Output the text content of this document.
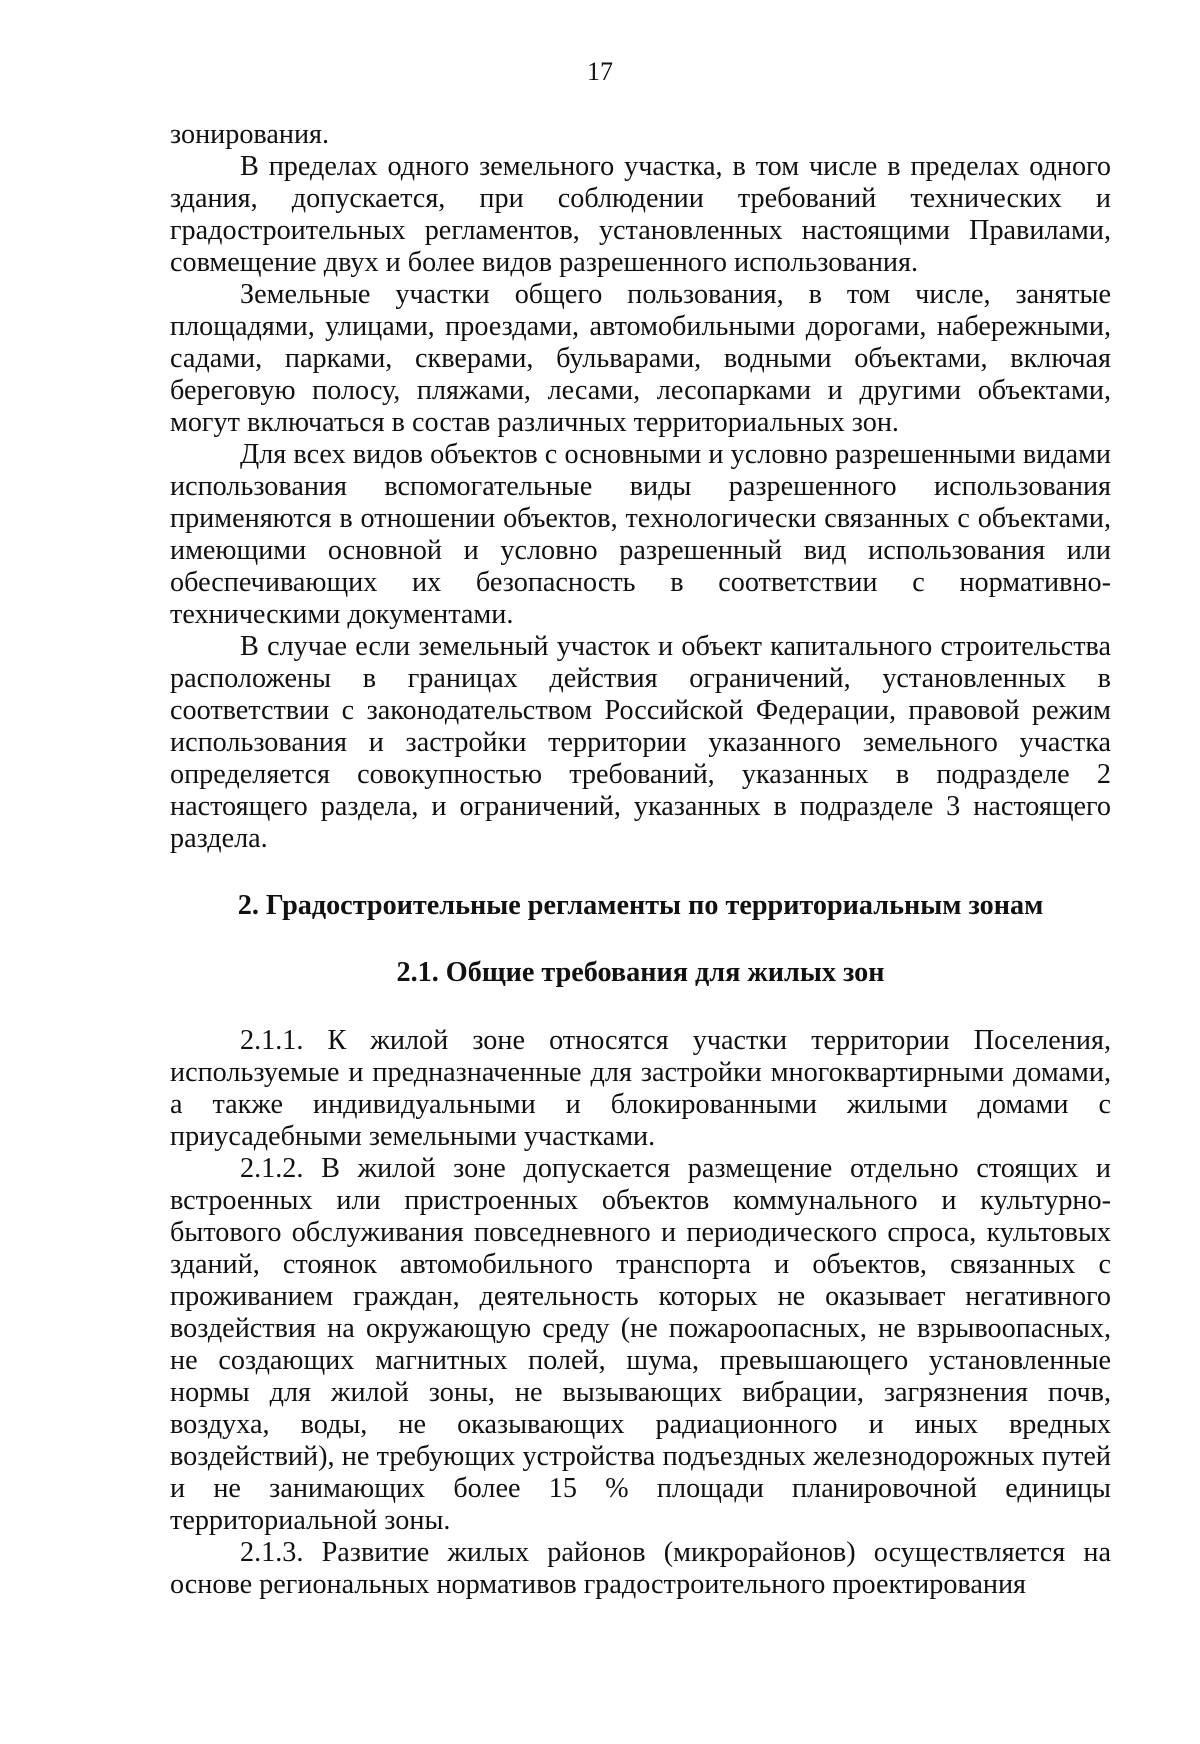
17

зонирования.

В пределах одного земельного участка, в том числе в пределах одного здания, допускается, при соблюдении требований технических и градостроительных регламентов, установленных настоящими Правилами, совмещение двух и более видов разрешенного использования.

Земельные участки общего пользования, в том числе, занятые площадями, улицами, проездами, автомобильными дорогами, набережными, садами, парками, скверами, бульварами, водными объектами, включая береговую полосу, пляжами, лесами, лесопарками и другими объектами, могут включаться в состав различных территориальных зон.

Для всех видов объектов с основными и условно разрешенными видами использования вспомогательные виды разрешенного использования применяются в отношении объектов, технологически связанных с объектами, имеющими основной и условно разрешенный вид использования или обеспечивающих их безопасность в соответствии с нормативно-техническими документами.

В случае если земельный участок и объект капитального строительства расположены в границах действия ограничений, установленных в соответствии с законодательством Российской Федерации, правовой режим использования и застройки территории указанного земельного участка определяется совокупностью требований, указанных в подразделе 2 настоящего раздела, и ограничений, указанных в подразделе 3 настоящего раздела.

2. Градостроительные регламенты по территориальным зонам
2.1. Общие требования для жилых зон

2.1.1. К жилой зоне относятся участки территории Поселения, используемые и предназначенные для застройки многоквартирными домами, а также индивидуальными и блокированными жилыми домами с приусадебными земельными участками.

2.1.2. В жилой зоне допускается размещение отдельно стоящих и встроенных или пристроенных объектов коммунального и культурно-бытового обслуживания повседневного и периодического спроса, культовых зданий, стоянок автомобильного транспорта и объектов, связанных с проживанием граждан, деятельность которых не оказывает негативного воздействия на окружающую среду (не пожароопасных, не взрывоопасных, не создающих магнитных полей, шума, превышающего установленные нормы для жилой зоны, не вызывающих вибрации, загрязнения почв, воздуха, воды, не оказывающих радиационного и иных вредных воздействий), не требующих устройства подъездных железнодорожных путей и не занимающих более 15 % площади планировочной единицы территориальной зоны.

2.1.3. Развитие жилых районов (микрорайонов) осуществляется на основе региональных нормативов градостроительного проектирования
